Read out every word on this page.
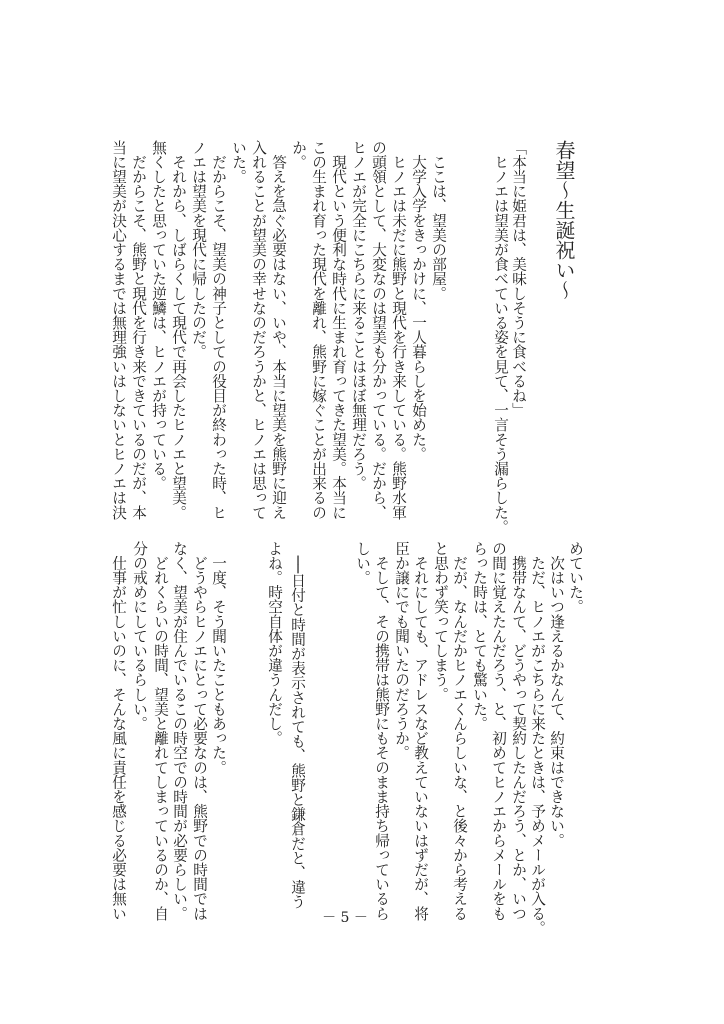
春望～生誕祝い～
「本当に姫君は、美味しそうに食べるね」
　ヒノエは望美が食べている姿を見て、一言そう漏らした。
　ここは、望美の部屋。
　大学入学をきっかけに、一人暮らしを始めた。
　ヒノエは未だに熊野と現代を行き来している。熊野水軍
の頭領として、大変なのは望美も分かっている。だから、
ヒノエが完全にこちらに来ることはほぼ無理だろう。
　現代という便利な時代に生まれ育ってきた望美。本当に
この生まれ育った現代を離れ、熊野に嫁ぐことが出来るの
か。
　答えを急ぐ必要はない、いや、本当に望美を熊野に迎え
入れることが望美の幸せなのだろうかと、ヒノエは思って
いた。
　だからこそ、望美の神子としての役目が終わった時、ヒ
ノエは望美を現代に帰したのだ。
　それから、しばらくして現代で再会したヒノエと望美。
無くしたと思っていた逆鱗は、ヒノエが持っている。
　だからこそ、熊野と現代を行き来できているのだが、本
当に望美が決心するまでは無理強いはしないとヒノエは決
めていた。
　次はいつ逢えるかなんて、約束はできない。
　ただ、ヒノエがこちらに来たときは、予めメールが入る。
　携帯なんて、どうやって契約したんだろう、とか、いつ
の間に覚えたんだろう、と、初めてヒノエからメールをも
らった時は、とても驚いた。
　だが、なんだかヒノエくんらしいな、と後々から考える
と思わず笑ってしまう。
　それにしても、アドレスなど教えていないはずだが、将
臣か譲にでも聞いたのだろうか。
　そして、その携帯は熊野にもそのまま持ち帰っているら
しい。
　──日付と時間が表示されても、熊野と鎌倉だと、違う
よね。時空自体が違うんだし。
　一度、そう聞いたこともあった。
　どうやらヒノエにとって必要なのは、熊野での時間では
なく、望美が住んでいるこの時空での時間が必要らしい。
　どれくらいの時間、望美と離れてしまっているのか、自
分の戒めにしているらしい。
　仕事が忙しいのに、そんな風に責任を感じる必要は無い	－ 5 －
